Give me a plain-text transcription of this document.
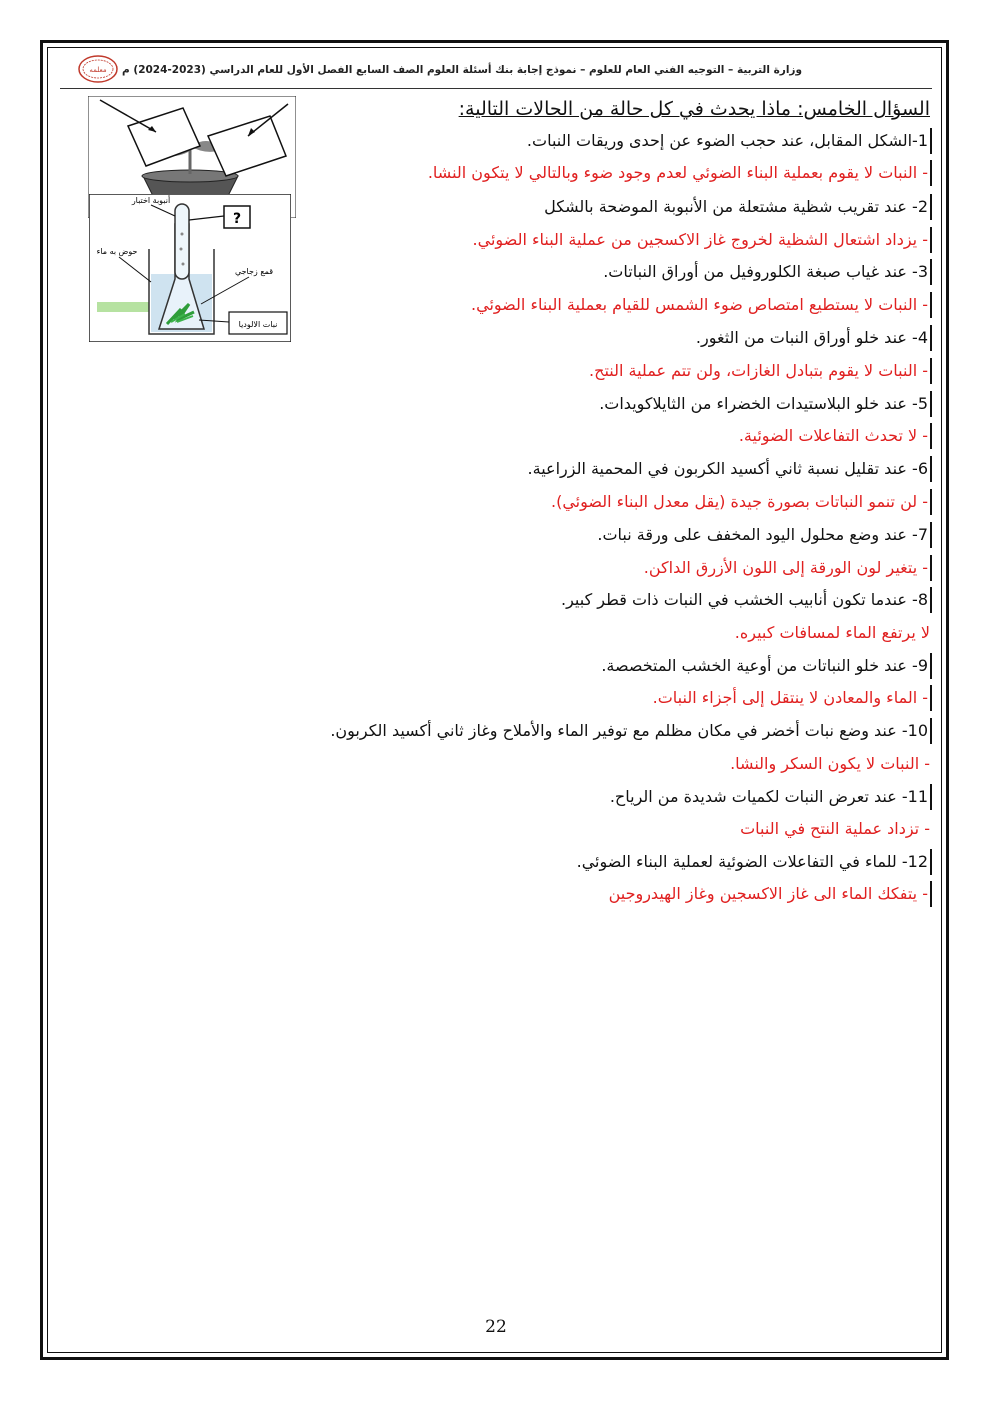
وزارة التربية – التوجيه الفني العام للعلوم – نموذج إجابة بنك أسئلة العلوم الصف السابع الفصل الأول للعام الدراسي (2023-2024) م
معلمه
?
أنبوبة اختبار
حوض به ماء
قمع زجاجي
نبات الالوديا
السؤال الخامس: ماذا يحدث في كل حالة من الحالات التالية:
1-الشكل المقابل، عند حجب الضوء عن إحدى وريقات النبات.
- النبات لا يقوم بعملية البناء الضوئي لعدم وجود ضوء وبالتالي لا يتكون النشا.
2- عند تقريب شظية مشتعلة من الأنبوبة الموضحة بالشكل
- يزداد اشتعال الشظية لخروج غاز الاكسجين من عملية البناء الضوئي.
3- عند غياب صبغة الكلوروفيل من أوراق النباتات.
- النبات لا يستطيع امتصاص ضوء الشمس للقيام بعملية البناء الضوئي.
4- عند خلو أوراق النبات من الثغور.
- النبات لا يقوم بتبادل الغازات، ولن تتم عملية النتح.
5- عند خلو البلاستيدات الخضراء من الثايلاكويدات.
- لا تحدث التفاعلات الضوئية.
6- عند تقليل نسبة ثاني أكسيد الكربون في المحمية الزراعية.
- لن تنمو النباتات بصورة جيدة (يقل معدل البناء الضوئي).
7- عند وضع محلول اليود المخفف على ورقة نبات.
- يتغير لون الورقة إلى اللون الأزرق الداكن.
8- عندما تكون أنابيب الخشب في النبات ذات قطر كبير.
لا يرتفع الماء لمسافات كبيره.
9- عند خلو النباتات من أوعية الخشب المتخصصة.
- الماء والمعادن لا ينتقل إلى أجزاء النبات.
10- عند وضع نبات أخضر في مكان مظلم مع توفير الماء والأملاح وغاز ثاني أكسيد الكربون.
- النبات لا يكون السكر والنشا.
11- عند تعرض النبات لكميات شديدة من الرياح.
- تزداد عملية النتح في النبات
12- للماء في التفاعلات الضوئية لعملية البناء الضوئي.
- يتفكك الماء الى غاز الاكسجين وغاز الهيدروجين
22
